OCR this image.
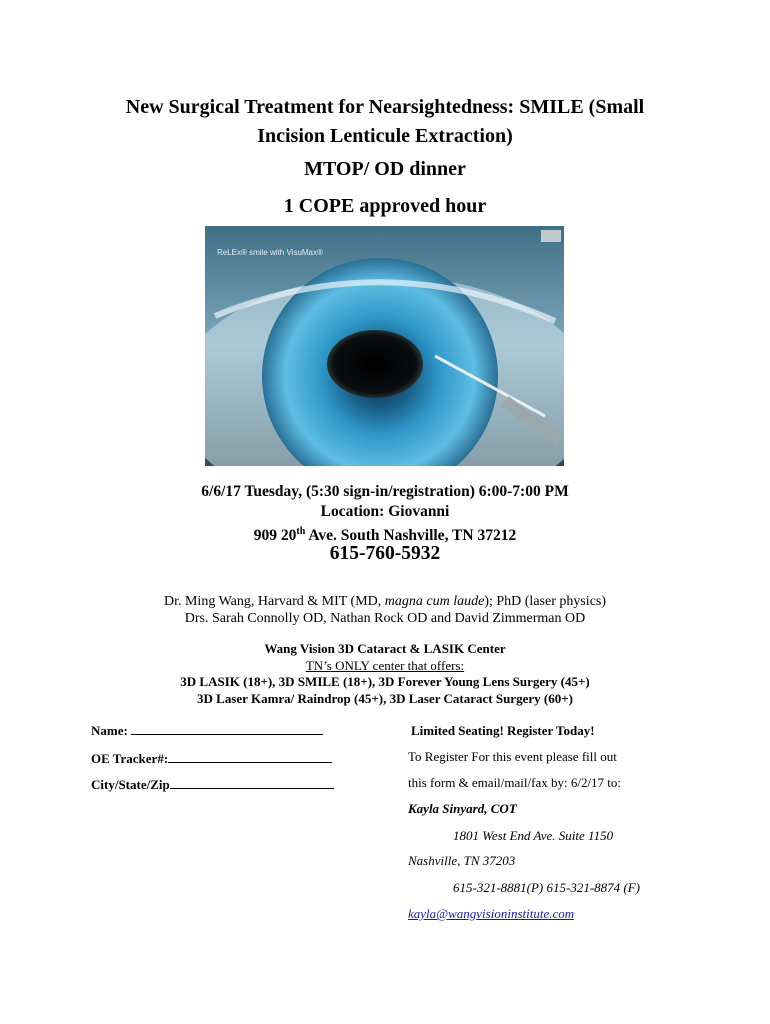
New Surgical Treatment for Nearsightedness: SMILE (Small
Incision Lenticule Extraction)
MTOP/ OD dinner
1 COPE approved hour
ReLEx® smile with VisuMax®
6/6/17 Tuesday, (5:30 sign-in/registration) 6:00-7:00 PM
Location: Giovanni
909 20th Ave. South Nashville, TN 37212
615-760-5932
Dr. Ming Wang, Harvard & MIT (MD, magna cum laude); PhD (laser physics)
Drs. Sarah Connolly OD, Nathan Rock OD and David Zimmerman OD
Wang Vision 3D Cataract & LASIK Center
TN’s ONLY center that offers:
3D LASIK (18+), 3D SMILE (18+), 3D Forever Young Lens Surgery (45+)
3D Laser Kamra/ Raindrop (45+), 3D Laser Cataract Surgery (60+)
Name:
OE Tracker#:
City/State/Zip
Limited Seating! Register Today!
To Register For this event please fill out
this form & email/mail/fax by: 6/2/17 to:
Kayla Sinyard, COT
1801 West End Ave. Suite 1150
Nashville, TN 37203
615-321-8881(P) 615-321-8874 (F)
kayla@wangvisioninstitute.com
